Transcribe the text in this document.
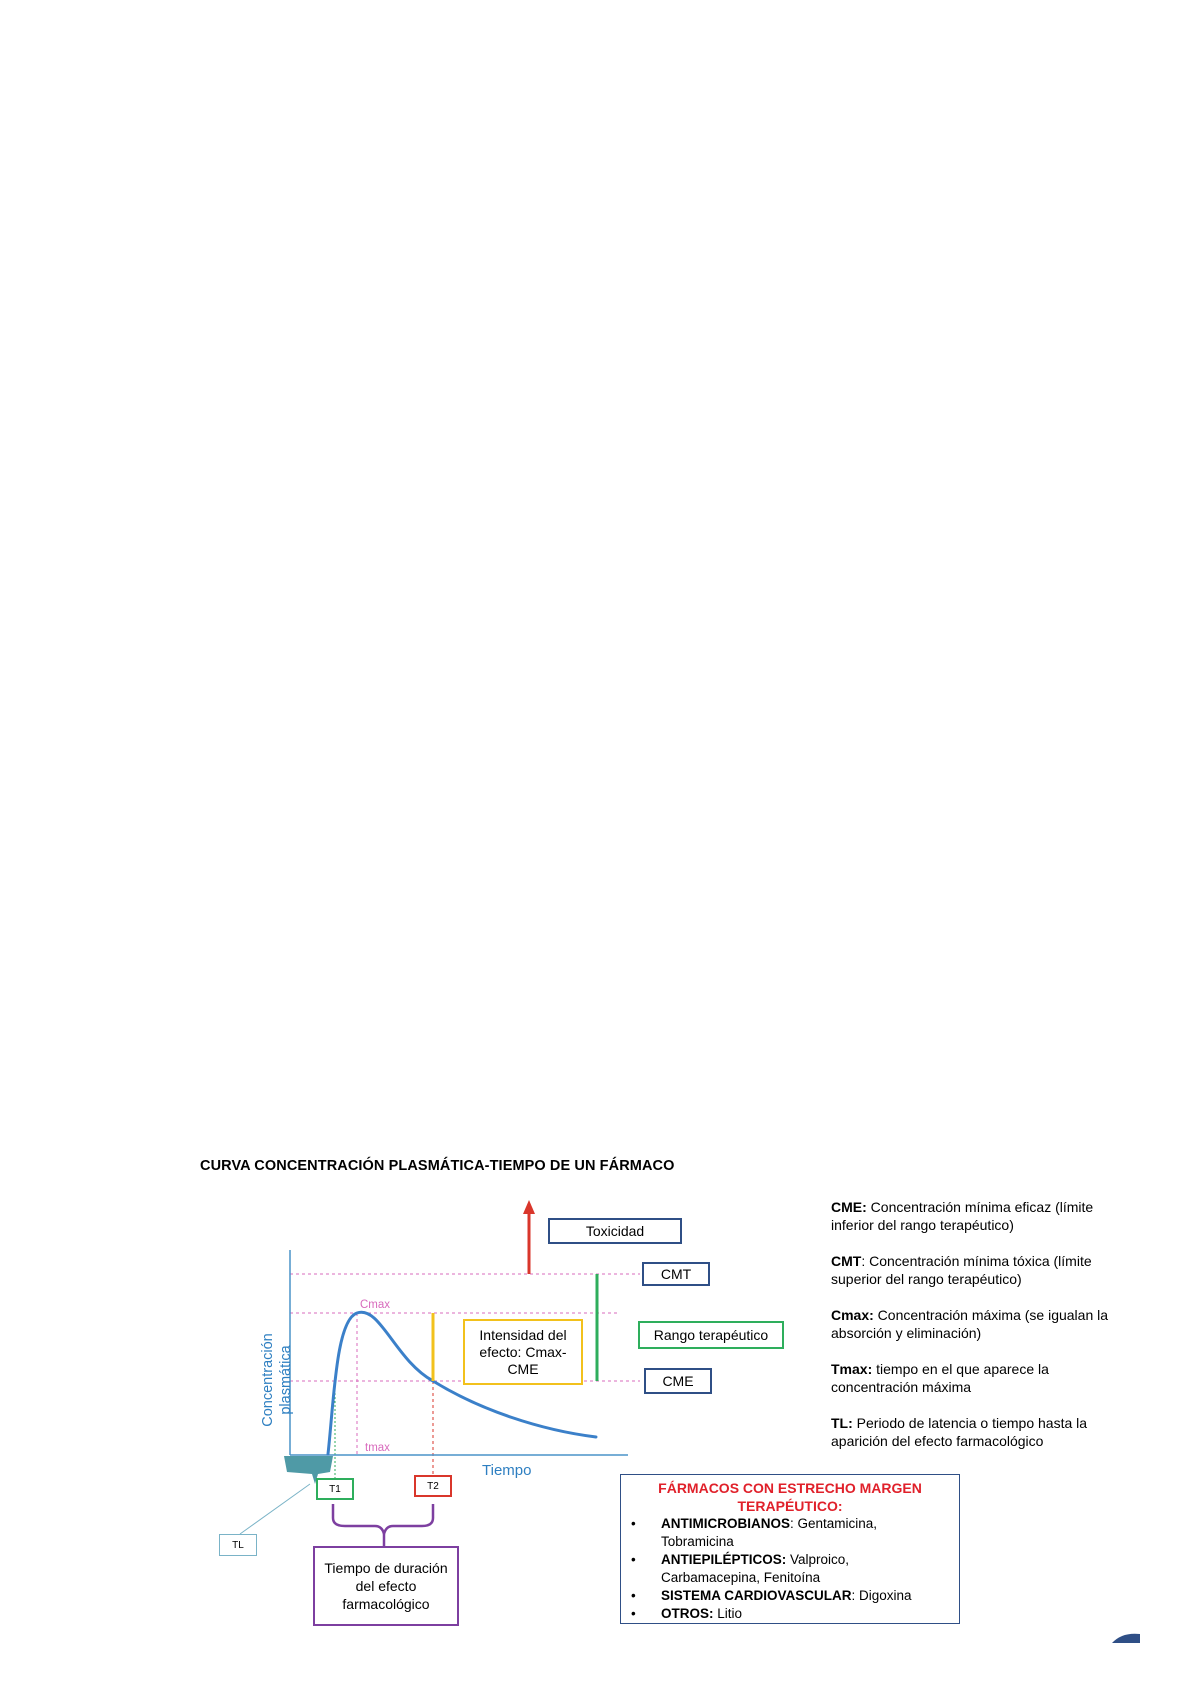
CURVA CONCENTRACIÓN PLASMÁTICA-TIEMPO DE UN FÁRMACO
Concentración plasmática
Tiempo
Cmax
tmax
Toxicidad
CMT
Rango terapéutico
CME
Intensidad del efecto: Cmax-CME
T1	T2
TL
Tiempo de duración del efecto farmacológico
CME: Concentración mínima eficaz (límite inferior del rango terapéutico)
CMT: Concentración mínima tóxica (límite superior del rango terapéutico)
Cmax: Concentración máxima (se igualan la absorción y eliminación)
Tmax: tiempo en el que aparece la concentración máxima
TL: Periodo de latencia o tiempo hasta la aparición del efecto farmacológico
FÁRMACOS CON ESTRECHO MARGEN TERAPÉUTICO:
• ANTIMICROBIANOS: Gentamicina, Tobramicina
• ANTIEPILÉPTICOS: Valproico, Carbamacepina, Fenitoína
• SISTEMA CARDIOVASCULAR: Digoxina
• OTROS: Litio
